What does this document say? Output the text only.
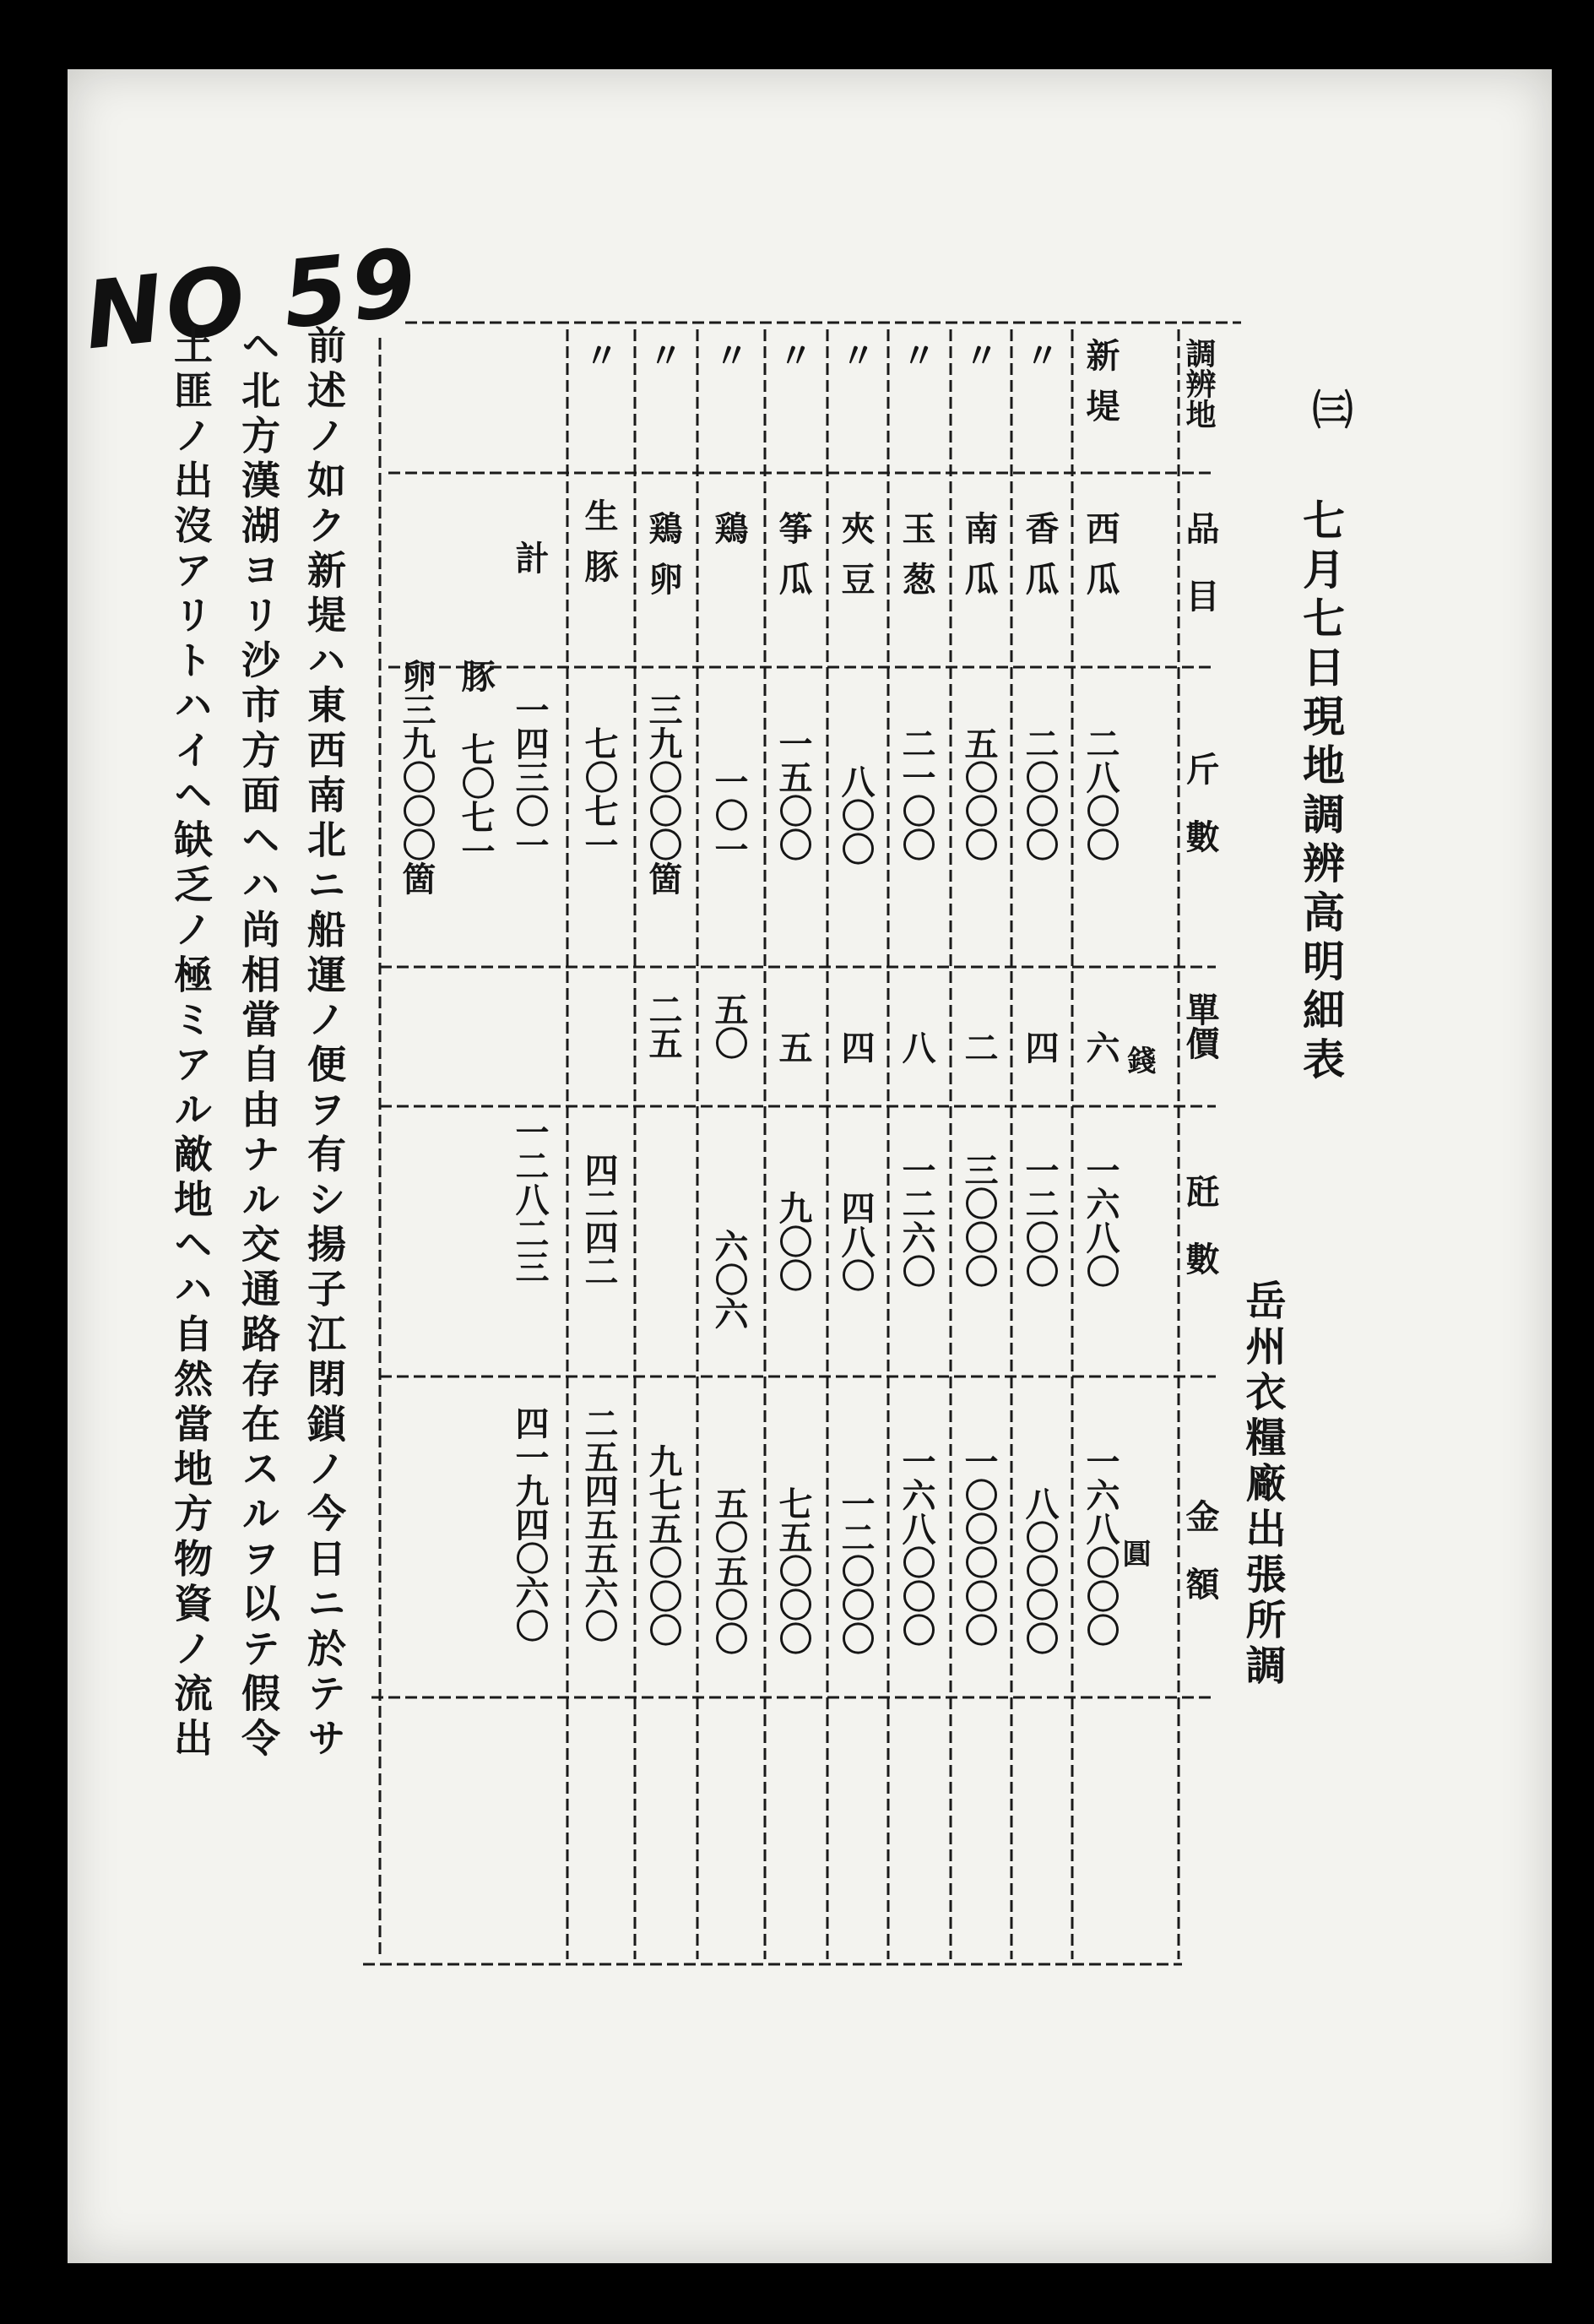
NO 59
㈢
七月七日現地調辨高明細表
岳州衣糧廠出張所調
調辨地
品目
斤數
單價
瓩數
金額
錢
圓
新堤
西瓜
二八〇〇
六
一六八〇
一六八〇〇〇
〃
香瓜
二〇〇〇
四
一二〇〇
八〇〇〇〇
〃
南瓜
五〇〇〇
二
三〇〇〇
一〇〇〇〇〇
〃
玉葱
二一〇〇
八
一二六〇
一六八〇〇〇
〃
夾豆
八〇〇
四
四八〇
一二〇〇〇
〃
筝瓜
一五〇〇
五
九〇〇
七五〇〇〇
〃
鶏
一〇一
五〇
六〇六
五〇五〇〇
〃
鶏卵
三九〇〇〇箇
二五
九七五〇〇〇
〃
生豚
七〇七一
四二四二
二五四五五六〇
計
一四三〇一
豚 七〇七一
卵三九〇〇〇箇
一二八二三
四一九四〇六〇
前述ノ如ク新堤ハ東西南北ニ船運ノ便ヲ有シ揚子江閉鎖ノ今日ニ於テサ
ヘ北方漢湖ヨリ沙市方面ヘハ尚相當自由ナル交通路存在スルヲ以テ假令
土匪ノ出沒アリトハイヘ缺乏ノ極ミアル敵地ヘハ自然當地方物資ノ流出
